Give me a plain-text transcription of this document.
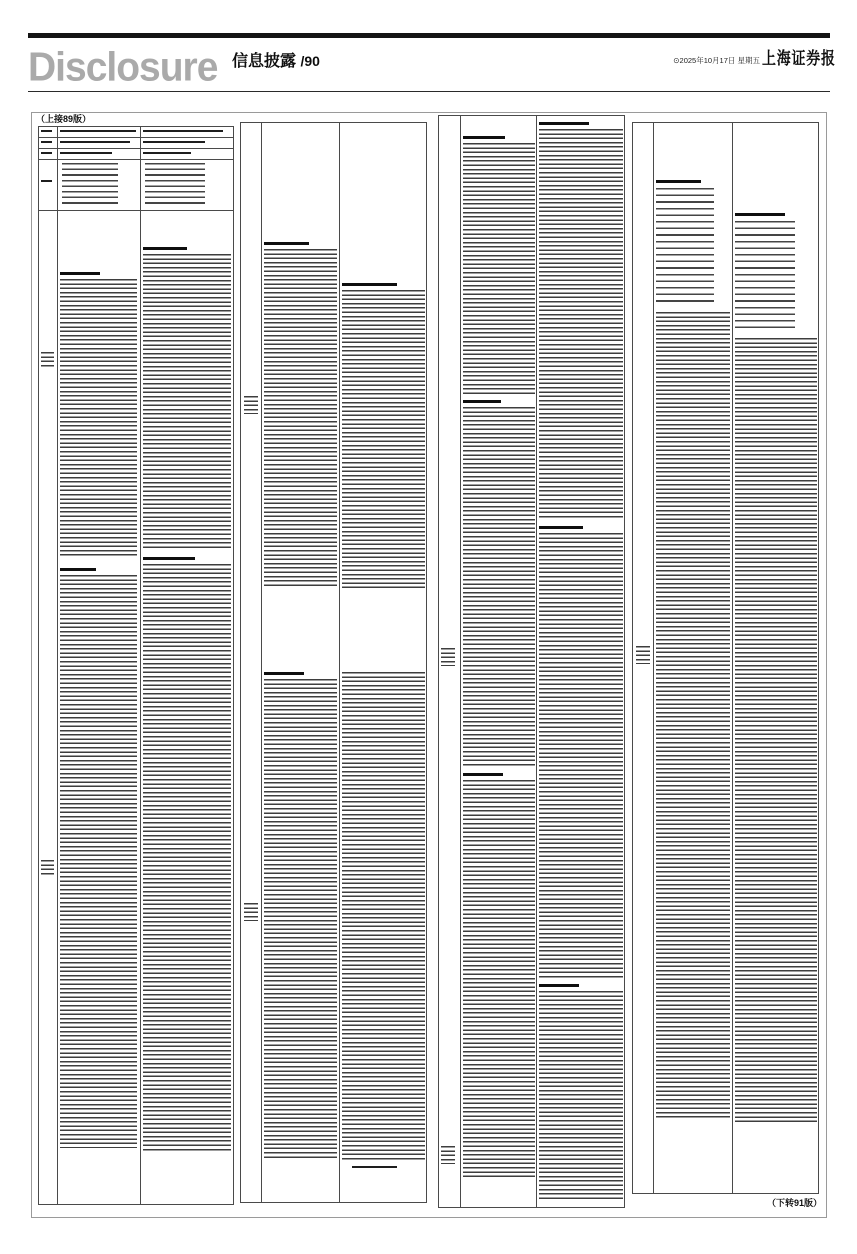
Disclosure 信息披露 /90	⊙2025年10月17日 星期五 上海证券报
（上接89版）
（下转91版）
